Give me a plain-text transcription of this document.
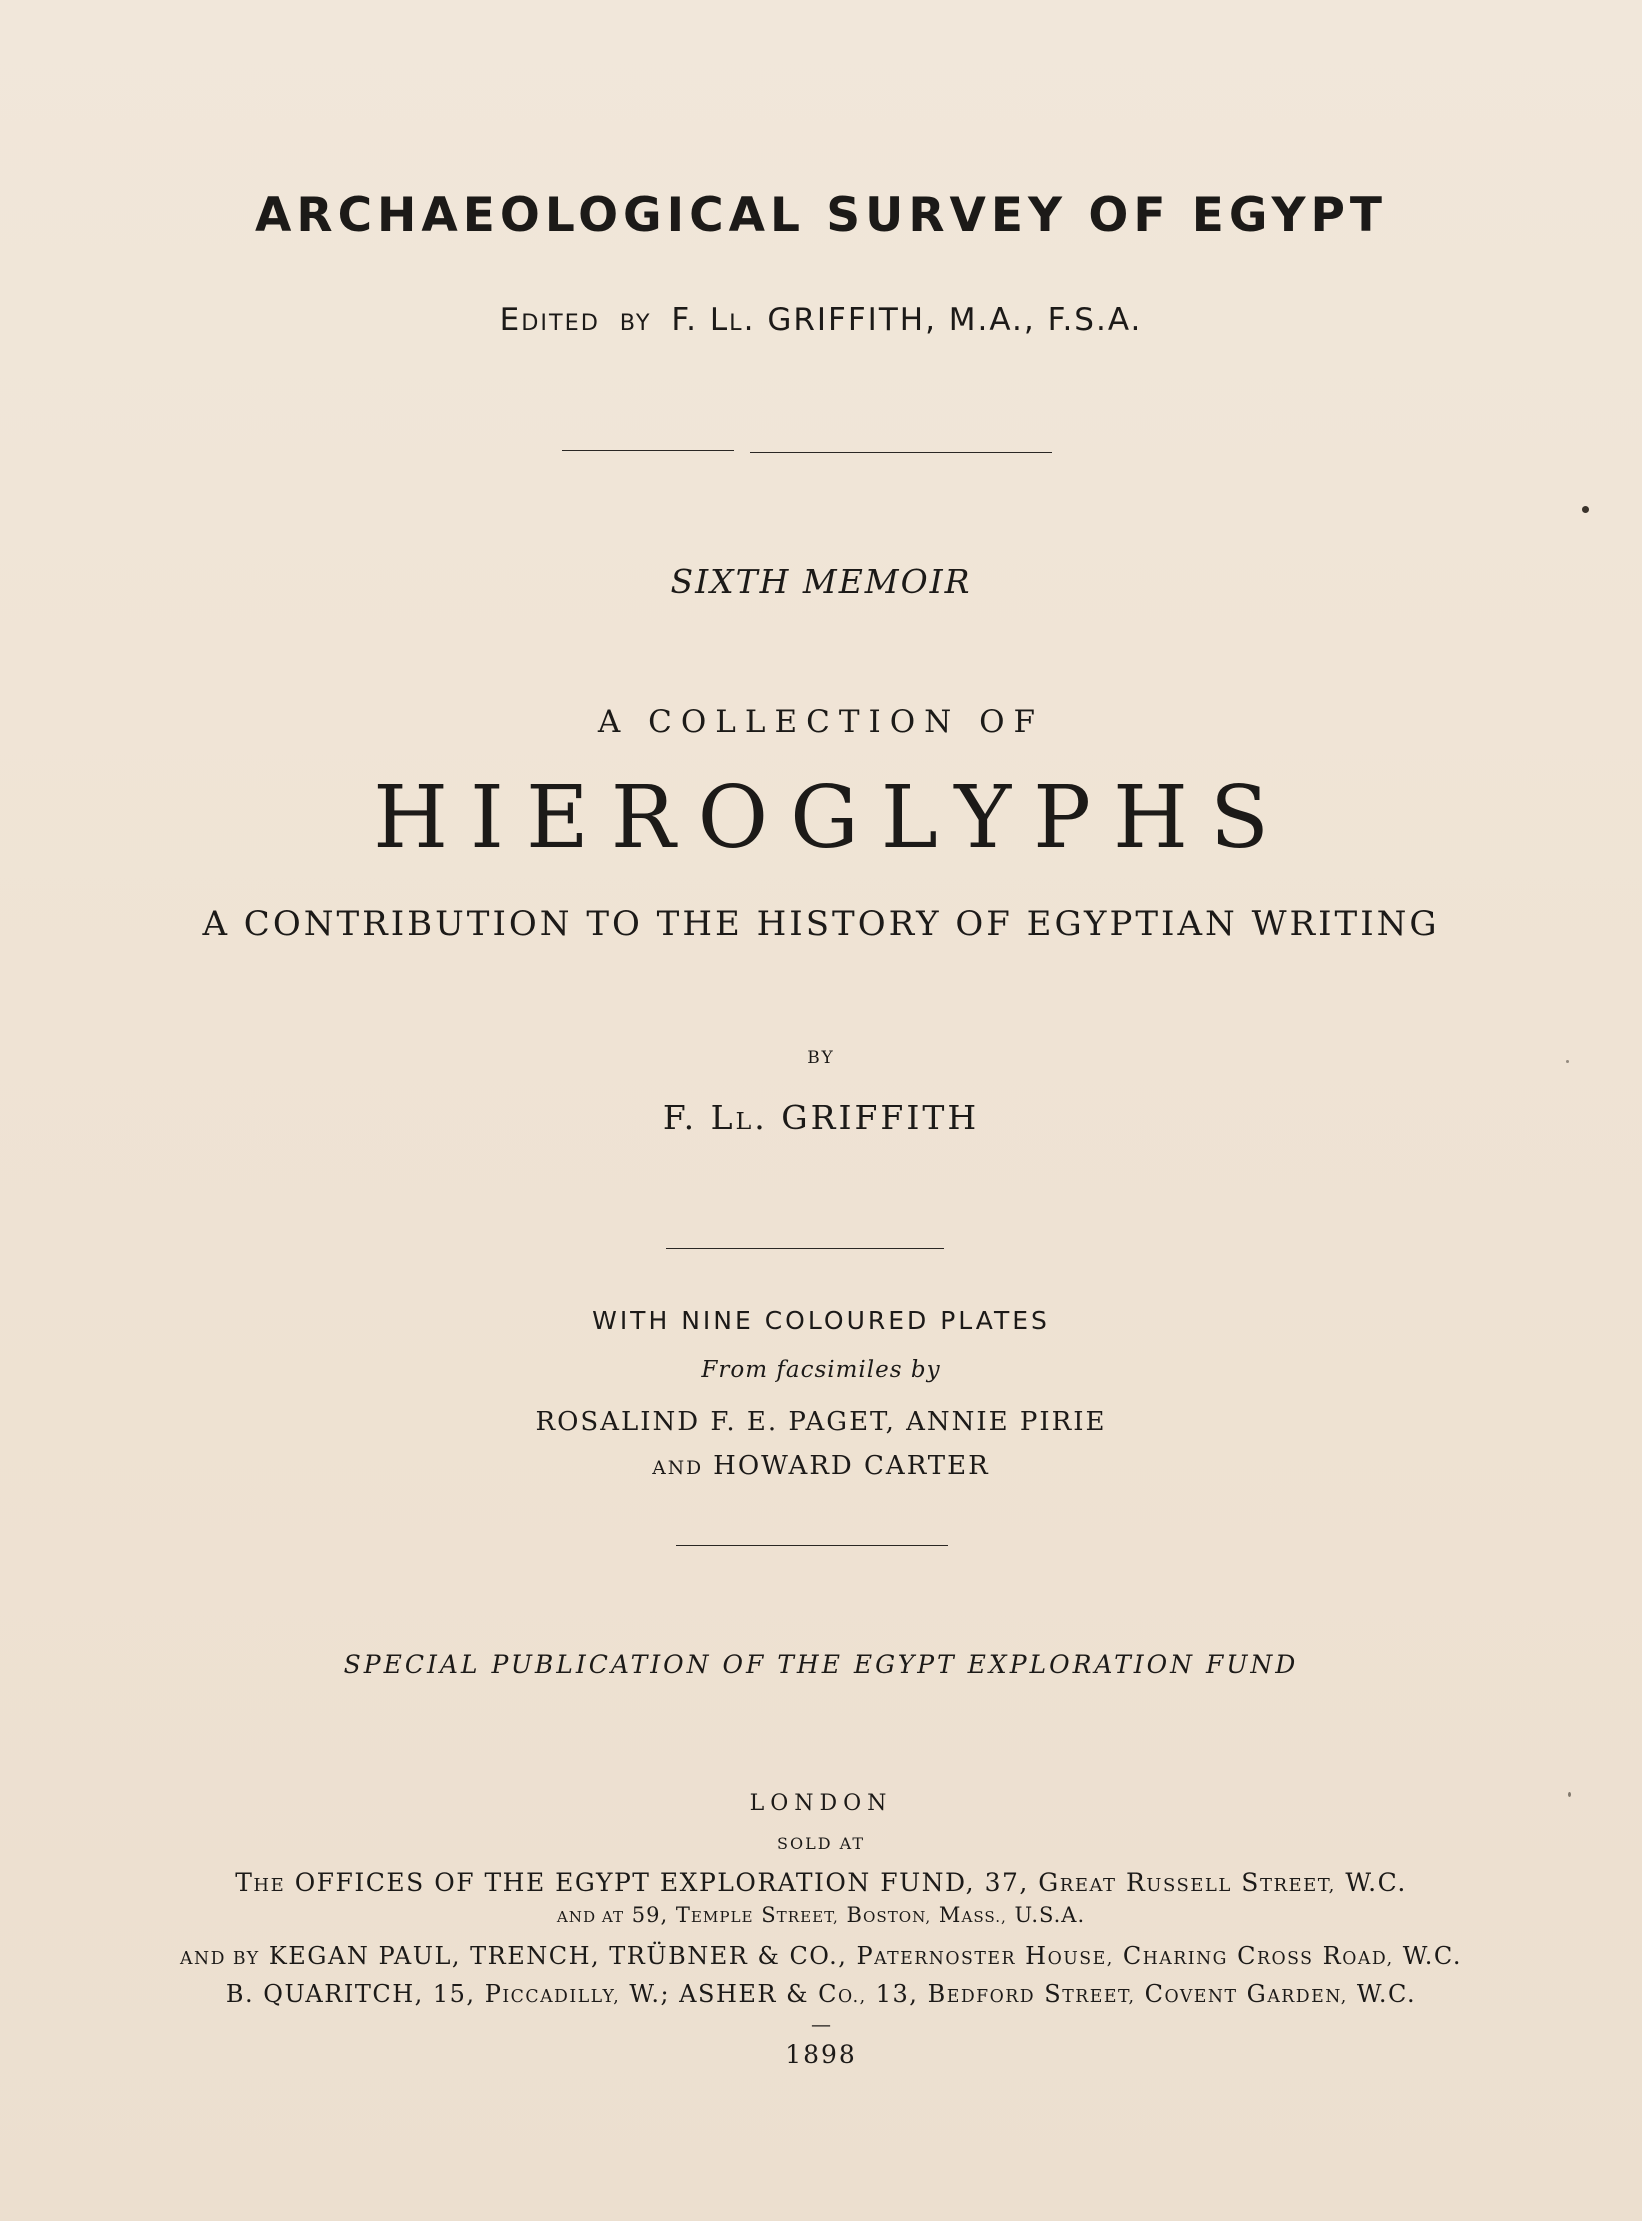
ARCHAEOLOGICAL SURVEY OF EGYPT
EDITED BY F. LL. GRIFFITH, M.A., F.S.A.
SIXTH MEMOIR
A COLLECTION OF
HIEROGLYPHS
A CONTRIBUTION TO THE HISTORY OF EGYPTIAN WRITING
BY
F. LL. GRIFFITH
WITH NINE COLOURED PLATES
From facsimiles by
ROSALIND F. E. PAGET, ANNIE PIRIE
AND HOWARD CARTER
SPECIAL PUBLICATION OF THE EGYPT EXPLORATION FUND
LONDON
SOLD AT
THE OFFICES OF THE EGYPT EXPLORATION FUND, 37, GREAT RUSSELL STREET, W.C.
AND AT 59, TEMPLE STREET, BOSTON, MASS., U.S.A.
AND BY KEGAN PAUL, TRENCH, TRÜBNER & CO., PATERNOSTER HOUSE, CHARING CROSS ROAD, W.C.
B. QUARITCH, 15, PICCADILLY, W.; ASHER & CO., 13, BEDFORD STREET, COVENT GARDEN, W.C.
—
1898
